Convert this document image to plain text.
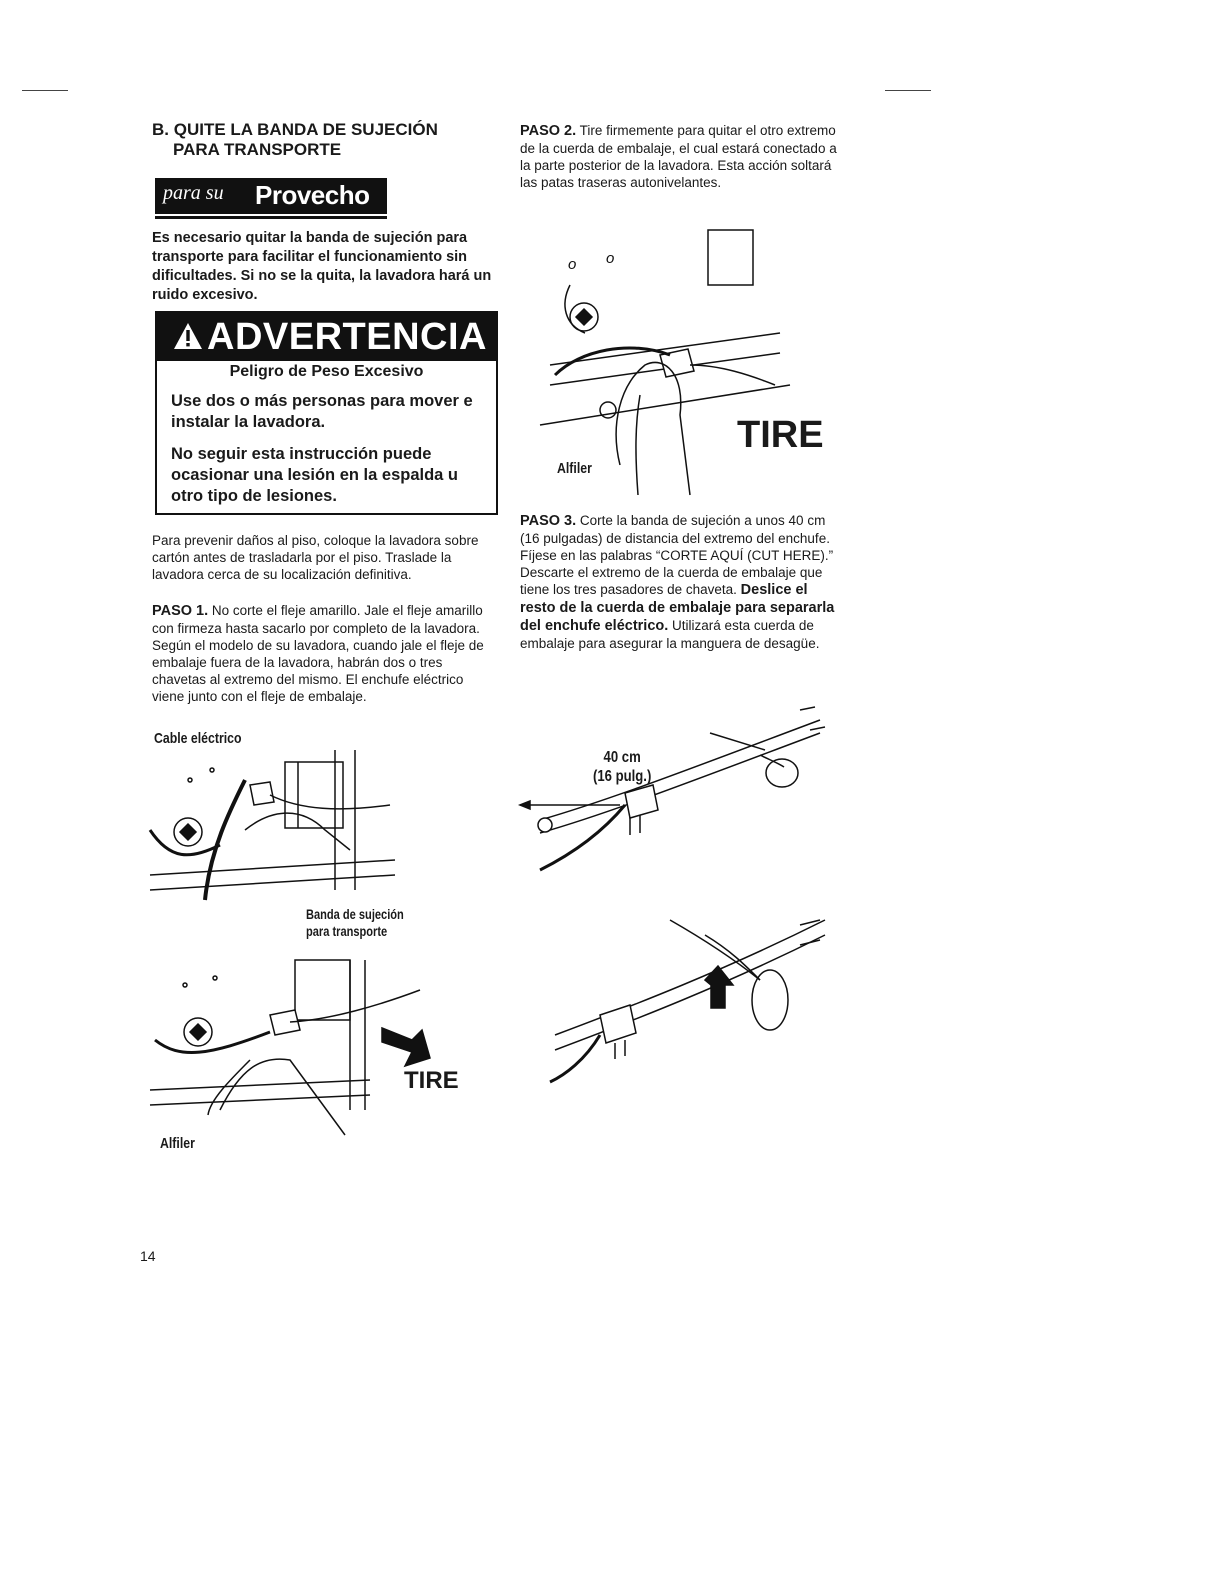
B. QUITE LA BANDA DE SUJECIÓN
PARA TRANSPORTE
para su Provecho
Es necesario quitar la banda de sujeción para transporte para facilitar el funcionamiento sin dificultades. Si no se la quita, la lavadora hará un ruido excesivo.
ADVERTENCIA
Peligro de Peso Excesivo
Use dos o más personas para mover e instalar la lavadora.
No seguir esta instrucción puede ocasionar una lesión en la espalda u otro tipo de lesiones.
Para prevenir daños al piso, coloque la lavadora sobre cartón antes de trasladarla por el piso. Traslade la lavadora cerca de su localización definitiva.
PASO 1. No corte el fleje amarillo. Jale el fleje amarillo con firmeza hasta sacarlo por completo de la lavadora. Según el modelo de su lavadora, cuando jale el fleje de embalaje fuera de la lavadora, habrán dos o tres chavetas al extremo del mismo. El enchufe eléctrico viene junto con el fleje de embalaje.
Cable eléctrico
Banda de sujeción
para transporte
TIRE
Alfiler
14
PASO 2. Tire firmemente para quitar el otro extremo de la cuerda de embalaje, el cual estará conectado a la parte posterior de la lavadora. Esta acción soltará las patas traseras autonivelantes.
o o
TIRE
Alfiler
PASO 3. Corte la banda de sujeción a unos 40 cm (16 pulgadas) de distancia del extremo del enchufe. Fíjese en las palabras “CORTE AQUÍ (CUT HERE).” Descarte el extremo de la cuerda de embalaje que tiene los tres pasadores de chaveta. Deslice el resto de la cuerda de embalaje para separarla del enchufe eléctrico. Utilizará esta cuerda de embalaje para asegurar la manguera de desagüe.
40 cm
(16 pulg.)
